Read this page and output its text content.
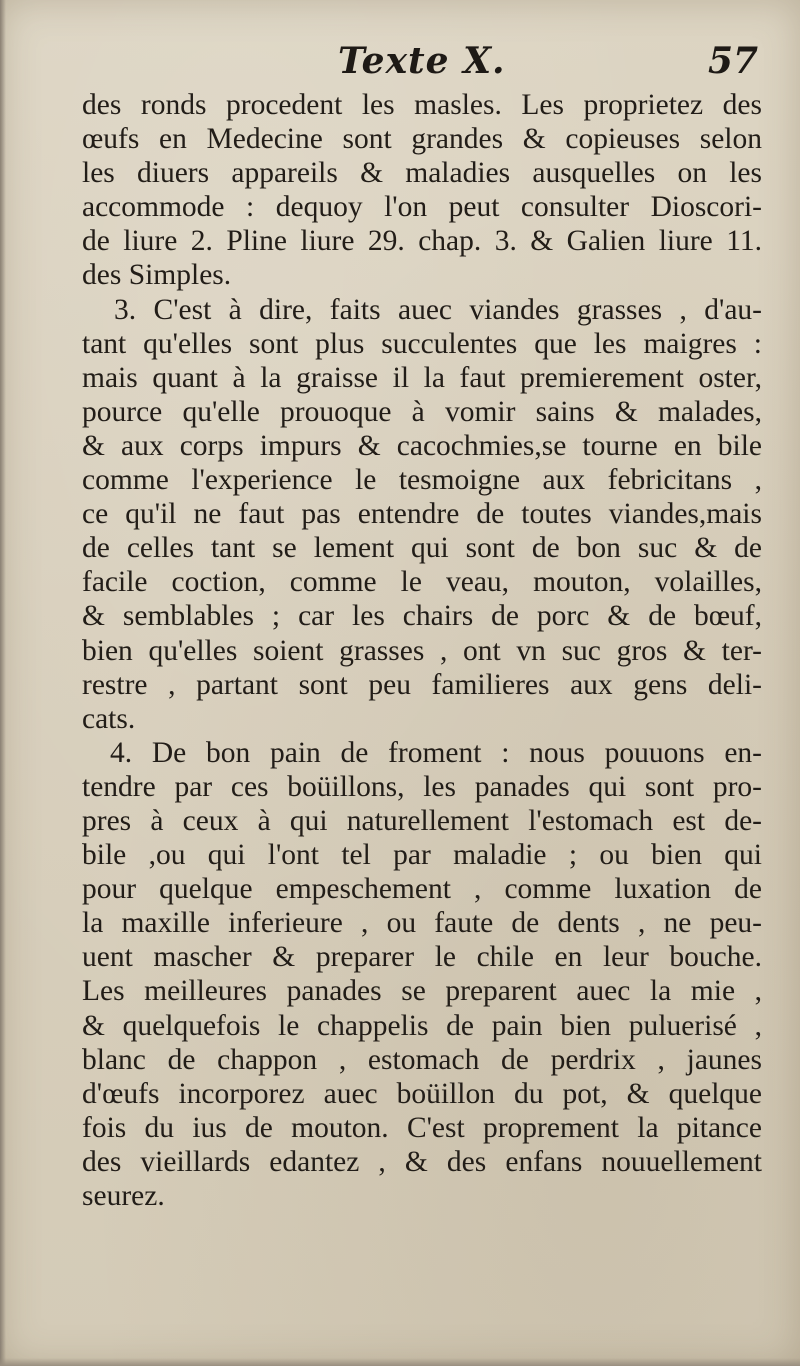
Texte X.	57
des ronds procedent les masles. Les proprietez des
œufs en Medecine sont grandes & copieuses selon
les diuers appareils & maladies ausquelles on les
accommode : dequoy l'on peut consulter Dioscori-
de liure 2. Pline liure 29. chap. 3. & Galien liure 11.
des Simples.
3. C'est à dire, faits auec viandes grasses , d'au-
tant qu'elles sont plus succulentes que les maigres :
mais quant à la graisse il la faut premierement oster,
pource qu'elle prouoque à vomir sains & malades,
& aux corps impurs & cacochmies,se tourne en bile
comme l'experience le tesmoigne aux febricitans ,
ce qu'il ne faut pas entendre de toutes viandes,mais
de celles tant se lement qui sont de bon suc & de
facile coction, comme le veau, mouton, volailles,
& semblables ; car les chairs de porc & de bœuf,
bien qu'elles soient grasses , ont vn suc gros & ter-
restre , partant sont peu familieres aux gens deli-
cats.
4. De bon pain de froment : nous pouuons en-
tendre par ces boüillons, les panades qui sont pro-
pres à ceux à qui naturellement l'estomach est de-
bile ,ou qui l'ont tel par maladie ; ou bien qui
pour quelque empeschement , comme luxation de
la maxille inferieure , ou faute de dents , ne peu-
uent mascher & preparer le chile en leur bouche.
Les meilleures panades se preparent auec la mie ,
& quelquefois le chappelis de pain bien puluerisé ,
blanc de chappon , estomach de perdrix , jaunes
d'œufs incorporez auec boüillon du pot, & quelque
fois du ius de mouton. C'est proprement la pitance
des vieillards edantez , & des enfans nouuellement
seurez.
